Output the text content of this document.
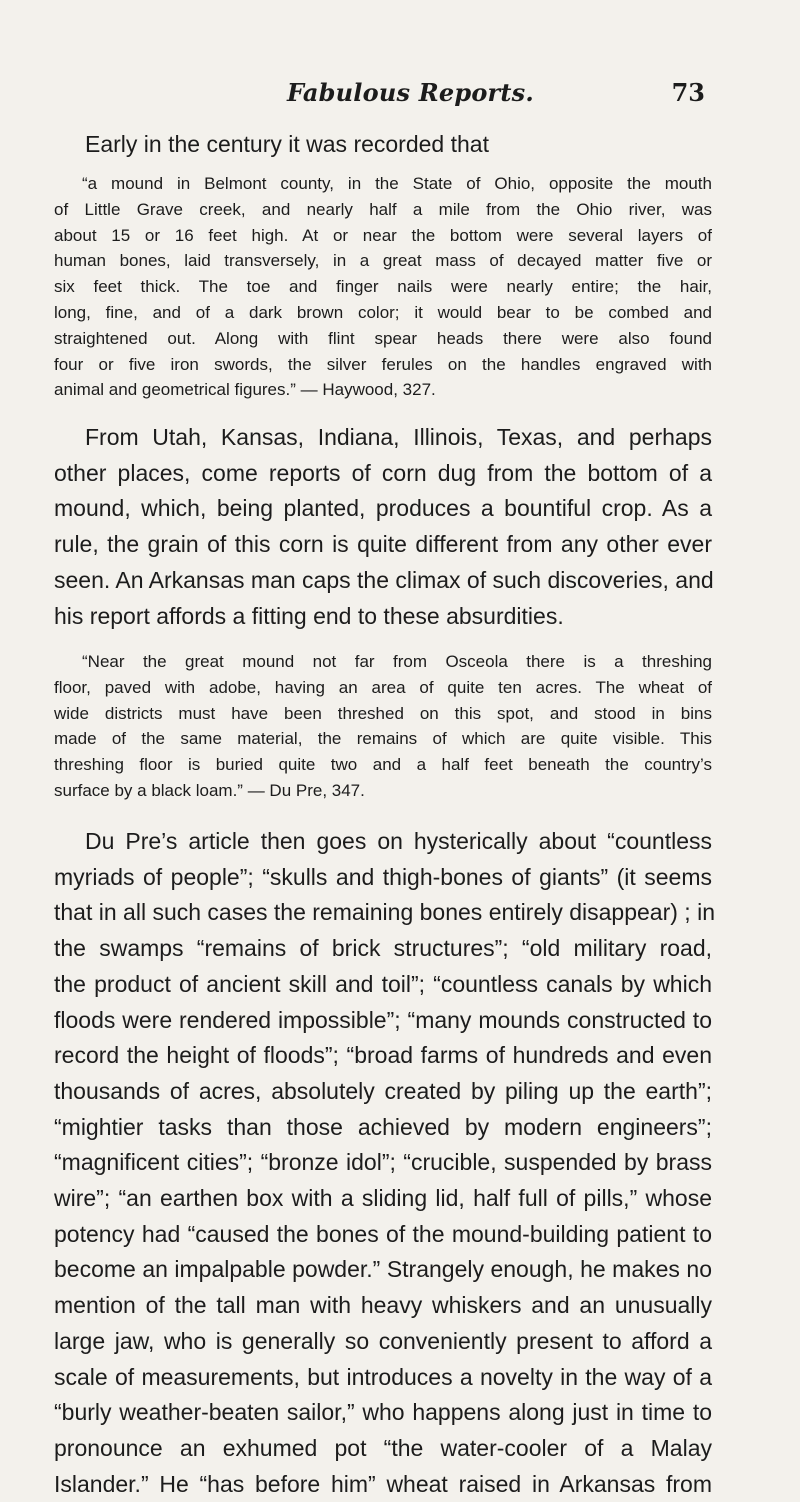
Fabulous Reports.	73

Early in the century it was recorded that

“a mound in Belmont county, in the State of Ohio, opposite the mouth
of Little Grave creek, and nearly half a mile from the Ohio river, was
about 15 or 16 feet high. At or near the bottom were several layers of
human bones, laid transversely, in a great mass of decayed matter five or
six feet thick. The toe and finger nails were nearly entire; the hair,
long, fine, and of a dark brown color; it would bear to be combed and
straightened out. Along with flint spear heads there were also found
four or five iron swords, the silver ferules on the handles engraved with
animal and geometrical figures.” — Haywood, 327.

From Utah, Kansas, Indiana, Illinois, Texas, and perhaps
other places, come reports of corn dug from the bottom of a
mound, which, being planted, produces a bountiful crop. As a
rule, the grain of this corn is quite different from any other ever
seen. An Arkansas man caps the climax of such discoveries, and
his report affords a fitting end to these absurdities.

“Near the great mound not far from Osceola there is a threshing
floor, paved with adobe, having an area of quite ten acres. The wheat of
wide districts must have been threshed on this spot, and stood in bins
made of the same material, the remains of which are quite visible. This
threshing floor is buried quite two and a half feet beneath the country’s
surface by a black loam.” — Du Pre, 347.

Du Pre’s article then goes on hysterically about “countless
myriads of people”; “skulls and thigh-bones of giants” (it seems
that in all such cases the remaining bones entirely disappear) ; in
the swamps “remains of brick structures”; “old military road,
the product of ancient skill and toil”; “countless canals by which
floods were rendered impossible”; “many mounds constructed to
record the height of floods”; “broad farms of hundreds and even
thousands of acres, absolutely created by piling up the earth”;
“mightier tasks than those achieved by modern engineers”;
“magnificent cities”; “bronze idol”; “crucible, suspended by brass
wire”; “an earthen box with a sliding lid, half full of pills,” whose
potency had “caused the bones of the mound-building patient to
become an impalpable powder.” Strangely enough, he makes no
mention of the tall man with heavy whiskers and an unusually
large jaw, who is generally so conveniently present to afford a
scale of measurements, but introduces a novelty in the way of a
“burly weather-beaten sailor,” who happens along just in time to
pronounce an exhumed pot “the water-cooler of a Malay
Islander.” He “has before him” wheat raised in Arkansas from
